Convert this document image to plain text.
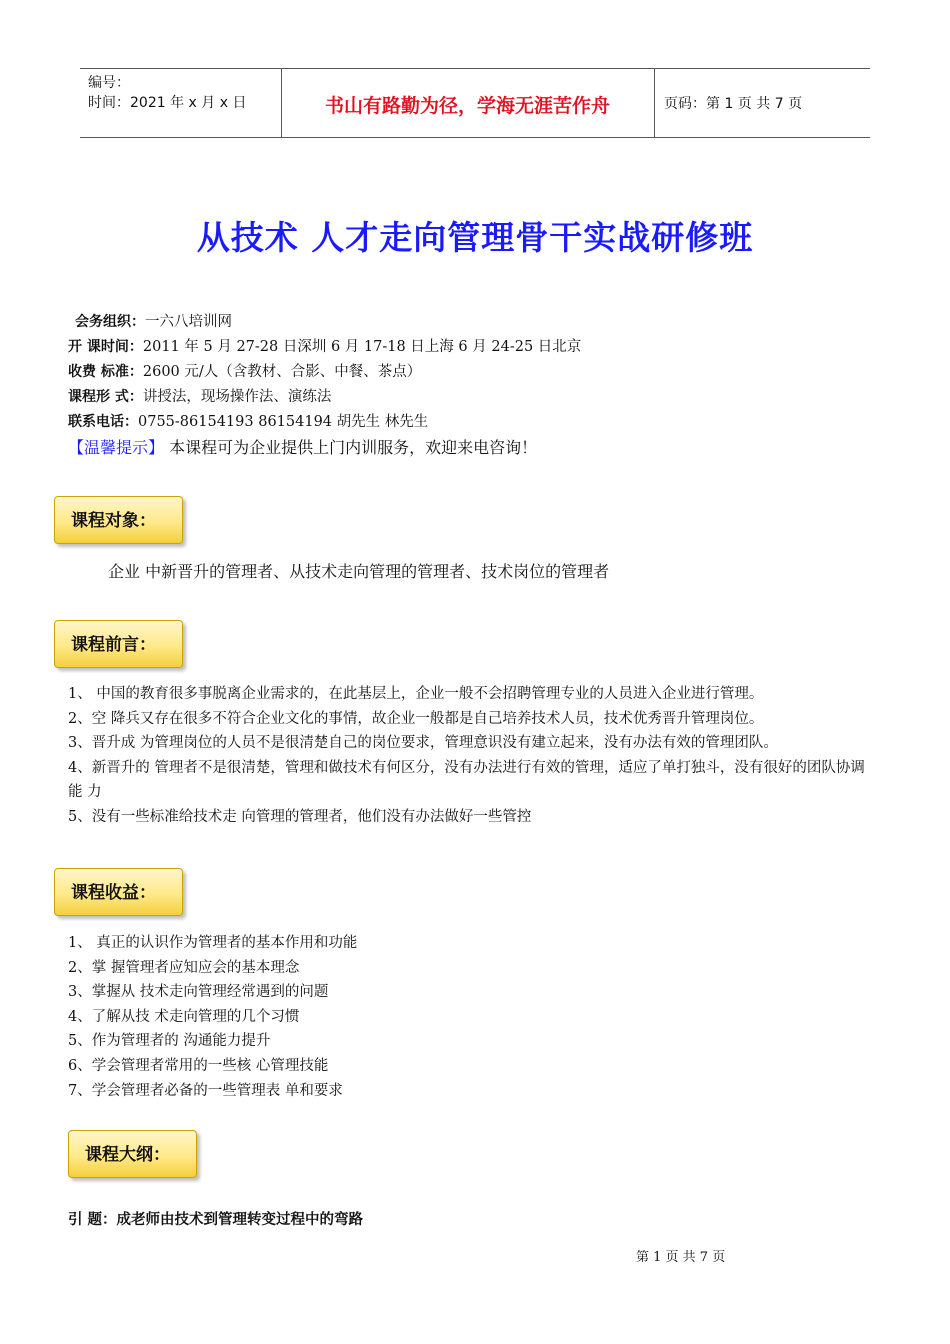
编号：
时间：2021 年 x 月 x 日	书山有路勤为径，学海无涯苦作舟	页码：第 1 页 共 7 页
从技术 人才走向管理骨干实战研修班
会务组织：一六八培训网
开 课时间：2011 年 5 月 27-28 日深圳 6 月 17-18 日上海 6 月 24-25 日北京
收费 标准：2600 元/人（含教材、合影、中餐、茶点）
课程形 式：讲授法，现场操作法、演练法
联系电话：0755-86154193 86154194 胡先生 林先生
【温馨提示】 本课程可为企业提供上门内训服务，欢迎来电咨询！
课程对象：
企业 中新晋升的管理者、从技术走向管理的管理者、技术岗位的管理者
课程前言：
1、 中国的教育很多事脱离企业需求的，在此基层上，企业一般不会招聘管理专业的人员进入企业进行管理。
2、空 降兵又存在很多不符合企业文化的事情，故企业一般都是自己培养技术人员，技术优秀晋升管理岗位。
3、晋升成 为管理岗位的人员不是很清楚自己的岗位要求，管理意识没有建立起来，没有办法有效的管理团队。
4、新晋升的 管理者不是很清楚，管理和做技术有何区分，没有办法进行有效的管理，适应了单打独斗，没有很好的团队协调能 力
5、没有一些标准给技术走 向管理的管理者，他们没有办法做好一些管控
课程收益：
1、 真正的认识作为管理者的基本作用和功能
2、掌 握管理者应知应会的基本理念
3、掌握从 技术走向管理经常遇到的问题
4、了解从技 术走向管理的几个习惯
5、作为管理者的 沟通能力提升
6、学会管理者常用的一些核 心管理技能
7、学会管理者必备的一些管理表 单和要求
课程大纲：
引 题：成老师由技术到管理转变过程中的弯路
第 1 页 共 7 页
